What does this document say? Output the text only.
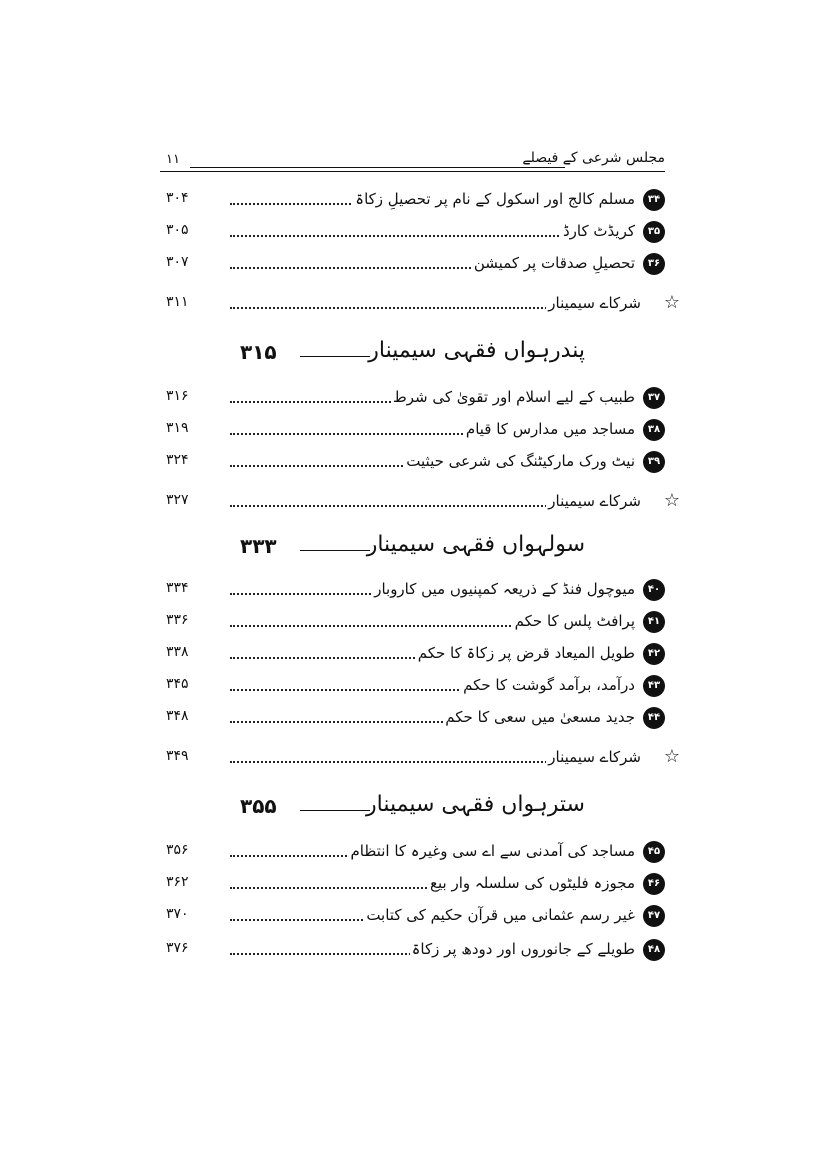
مجلس شرعی کے فیصلے
۱۱
۳۴
مسلم کالج اور اسکول کے نام پر تحصیلِ زکاۃ
۳۰۴
۳۵
کریڈٹ کارڈ
۳۰۵
۳۶
تحصیلِ صدقات پر کمیشن
۳۰۷
☆
شرکاے سیمینار
۳۱۱
پندرہواں فقہی سیمینار
۳۱۵
۳۷
طبیب کے لیے اسلام اور تقویٰ کی شرط
۳۱۶
۳۸
مساجد میں مدارس کا قیام
۳۱۹
۳۹
نیٹ ورک مارکیٹنگ کی شرعی حیثیت
۳۲۴
☆
شرکاے سیمینار
۳۲۷
سولہواں فقہی سیمینار
۳۳۳
۴۰
میوچول فنڈ کے ذریعہ کمپنیوں میں کاروبار
۳۳۴
۴۱
پرافٹ پلس کا حکم
۳۳۶
۴۲
طویل المیعاد قرض پر زکاۃ کا حکم
۳۳۸
۴۳
درآمد، برآمد گوشت کا حکم
۳۴۵
۴۴
جدید مسعیٰ میں سعی کا حکم
۳۴۸
☆
شرکاے سیمینار
۳۴۹
سترہواں فقہی سیمینار
۳۵۵
۴۵
مساجد کی آمدنی سے اے سی وغیرہ کا انتظام
۳۵۶
۴۶
مجوزہ فلیٹوں کی سلسلہ وار بیع
۳۶۲
۴۷
غیر رسم عثمانی میں قرآن حکیم کی کتابت
۳۷۰
۴۸
طویلے کے جانوروں اور دودھ پر زکاۃ
۳۷۶
